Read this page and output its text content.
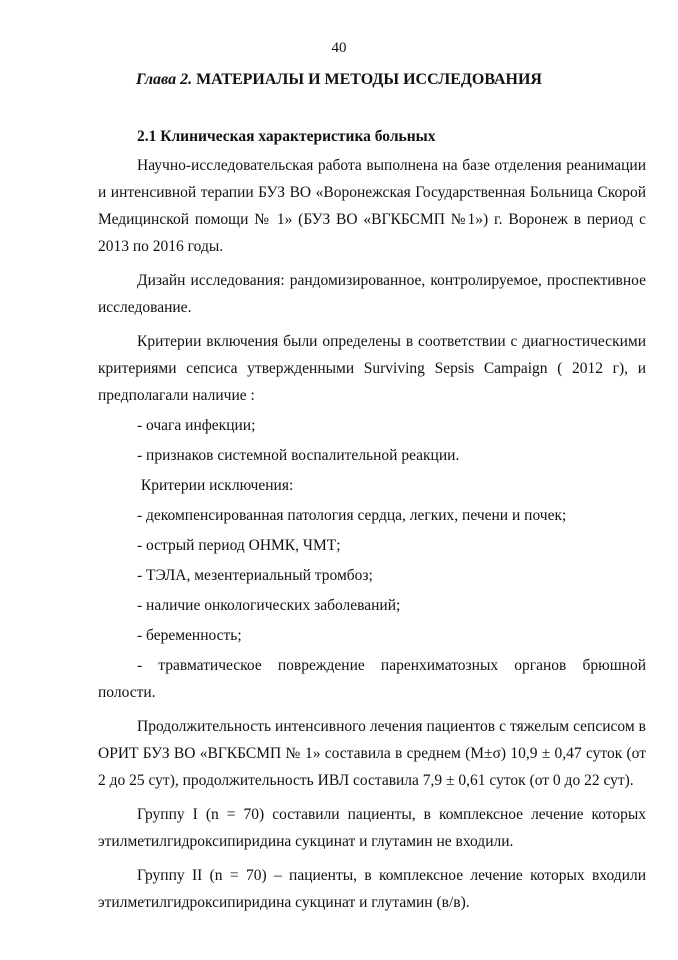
40
Глава 2. МАТЕРИАЛЫ И МЕТОДЫ ИССЛЕДОВАНИЯ
2.1 Клиническая характеристика больных

Научно-исследовательская работа выполнена на базе отделения реанимации и интенсивной терапии БУЗ ВО «Воронежская Государственная Больница Скорой Медицинской помощи № 1» (БУЗ ВО «ВГКБСМП №1») г. Воронеж в период с 2013 по 2016 годы.

Дизайн исследования: рандомизированное, контролируемое, проспективное исследование.

Критерии включения были определены в соответствии с диагностическими критериями сепсиса утвержденными Surviving Sepsis Campaign ( 2012 г), и предполагали наличие :

- очага инфекции;

- признаков системной воспалительной реакции.

Критерии исключения:

- декомпенсированная патология сердца, легких, печени и почек;

- острый период ОНМК, ЧМТ;

- ТЭЛА, мезентериальный тромбоз;

- наличие онкологических заболеваний;

- беременность;

- травматическое повреждение паренхиматозных органов брюшной полости.

Продолжительность интенсивного лечения пациентов с тяжелым сепсисом в ОРИТ БУЗ ВО «ВГКБСМП № 1» составила в среднем (M±σ) 10,9 ± 0,47 суток (от 2 до 25 сут), продолжительность ИВЛ составила 7,9 ± 0,61 суток (от 0 до 22 сут).

Группу I (n = 70) составили пациенты, в комплексное лечение которых этилметилгидроксипиридина сукцинат и глутамин не входили.

Группу II (n = 70) – пациенты, в комплексное лечение которых входили этилметилгидроксипиридина сукцинат и глутамин (в/в).
